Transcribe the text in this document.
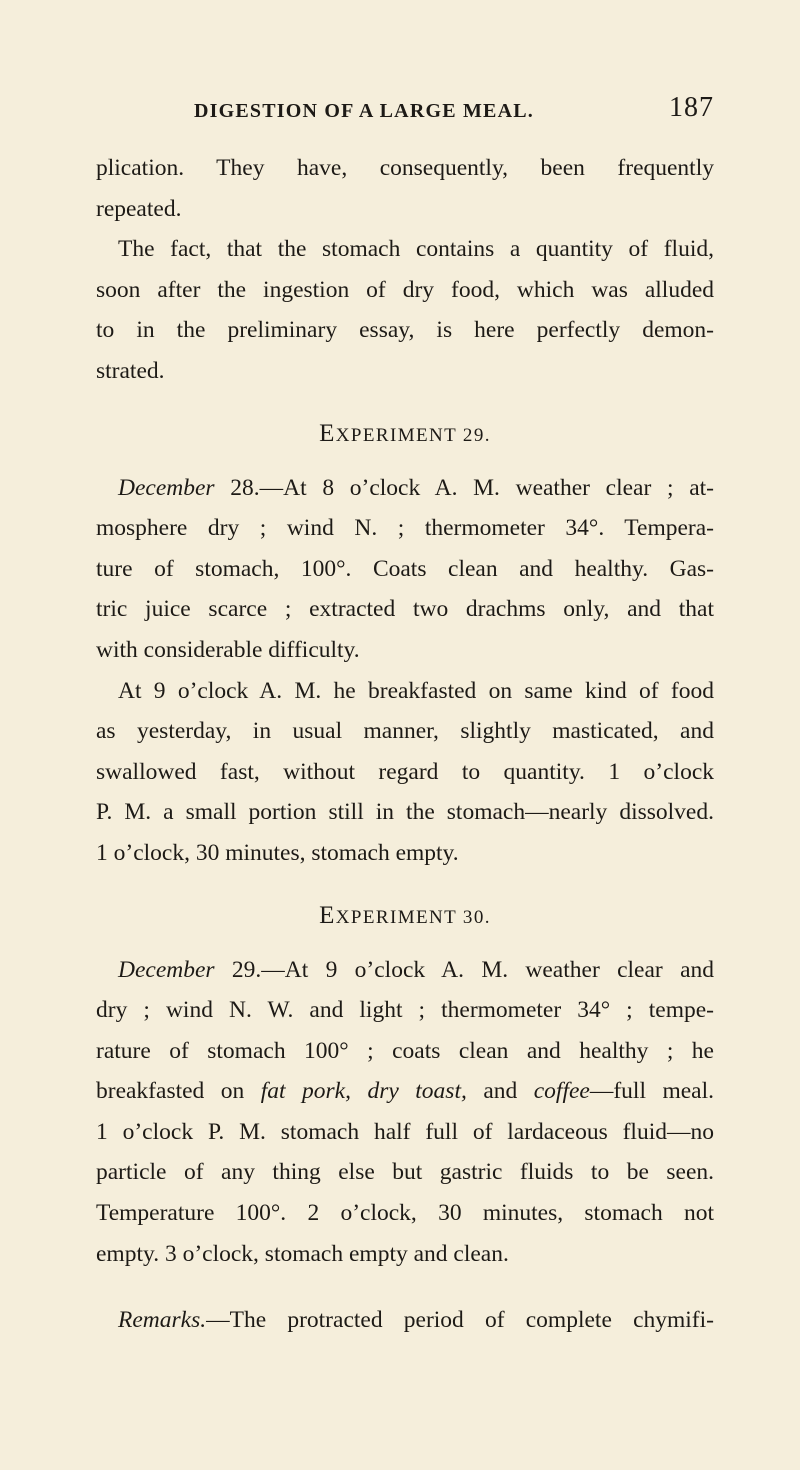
DIGESTION OF A LARGE MEAL.	187
plication. They have, consequently, been frequently
repeated.
The fact, that the stomach contains a quantity of fluid,
soon after the ingestion of dry food, which was alluded
to in the preliminary essay, is here perfectly demon-
strated.
EXPERIMENT 29.
December 28.—At 8 o’clock A. M. weather clear ; at-
mosphere dry ; wind N. ; thermometer 34°. Tempera-
ture of stomach, 100°. Coats clean and healthy. Gas-
tric juice scarce ; extracted two drachms only, and that
with considerable difficulty.
At 9 o’clock A. M. he breakfasted on same kind of food
as yesterday, in usual manner, slightly masticated, and
swallowed fast, without regard to quantity. 1 o’clock
P. M. a small portion still in the stomach—nearly dissolved.
1 o’clock, 30 minutes, stomach empty.
EXPERIMENT 30.
December 29.—At 9 o’clock A. M. weather clear and
dry ; wind N. W. and light ; thermometer 34° ; tempe-
rature of stomach 100° ; coats clean and healthy ; he
breakfasted on fat pork, dry toast, and coffee—full meal.
1 o’clock P. M. stomach half full of lardaceous fluid—no
particle of any thing else but gastric fluids to be seen.
Temperature 100°. 2 o’clock, 30 minutes, stomach not
empty. 3 o’clock, stomach empty and clean.
Remarks.—The protracted period of complete chymifi-
